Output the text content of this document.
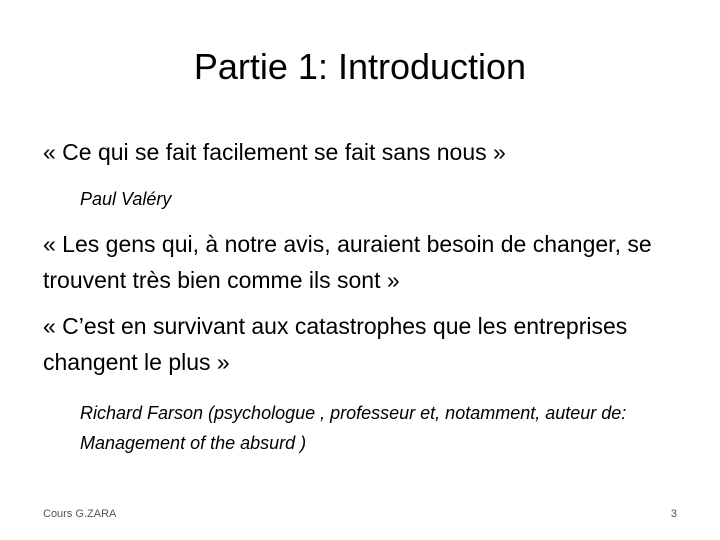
Partie 1: Introduction

« Ce qui se fait facilement se fait sans nous »

Paul Valéry

« Les gens qui, à notre avis, auraient besoin de changer, se trouvent très bien comme ils sont »

« C’est en survivant aux catastrophes que les entreprises changent le plus »

Richard Farson (psychologue , professeur et, notamment, auteur de: Management of the absurd )

Cours G.ZARA	3
